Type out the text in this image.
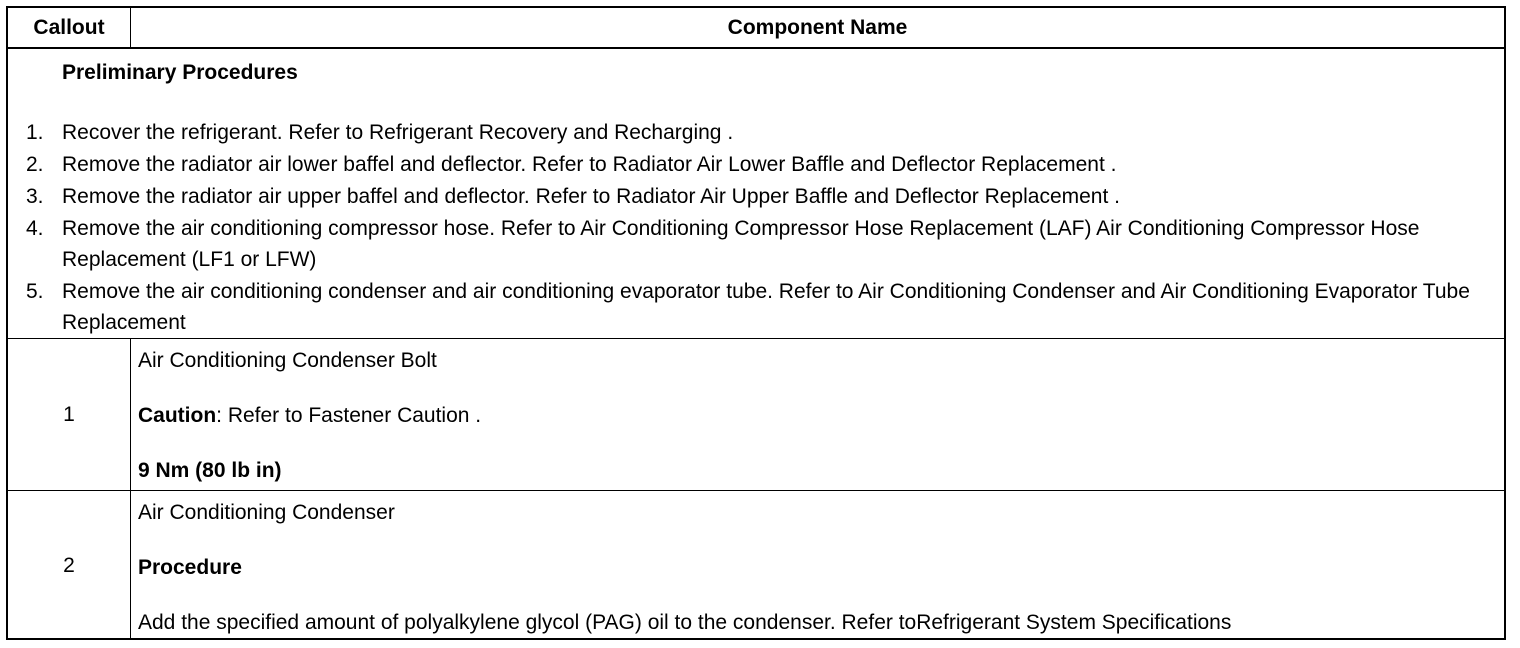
Callout	Component Name
Preliminary Procedures
1. Recover the refrigerant. Refer to Refrigerant Recovery and Recharging .
2. Remove the radiator air lower baffel and deflector. Refer to Radiator Air Lower Baffle and Deflector Replacement .
3. Remove the radiator air upper baffel and deflector. Refer to Radiator Air Upper Baffle and Deflector Replacement .
4. Remove the air conditioning compressor hose. Refer to Air Conditioning Compressor Hose Replacement (LAF) Air Conditioning Compressor Hose Replacement (LF1 or LFW)
5. Remove the air conditioning condenser and air conditioning evaporator tube. Refer to Air Conditioning Condenser and Air Conditioning Evaporator Tube Replacement
1
Air Conditioning Condenser Bolt
Caution: Refer to Fastener Caution .
9 Nm (80 lb in)
2
Air Conditioning Condenser
Procedure
Add the specified amount of polyalkylene glycol (PAG) oil to the condenser. Refer toRefrigerant System Specifications
